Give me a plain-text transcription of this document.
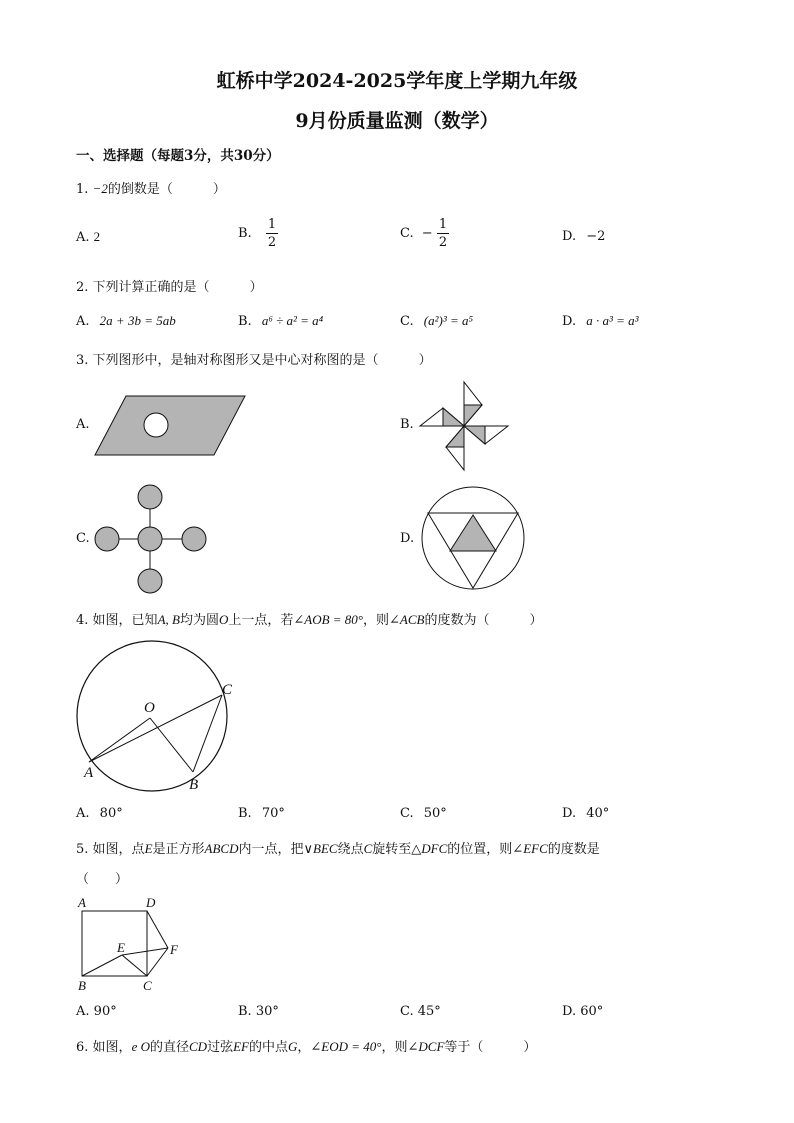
虹桥中学2024-2025学年度上学期九年级
9月份质量监测（数学）
一、选择题（每题3分，共30分）
1. −2的倒数是（	）
A. 2	B. $\frac{1}{2}$	C. − $\frac{1}{2}$	D. −2
2. 下列计算正确的是（	）
A. 2a + 3b = 5ab	B. a⁶ ÷ a² = a⁴	C. (a²)³ = a⁵	D. a · a³ = a³
3. 下列图形中，是轴对称图形又是中心对称图的是（	）
A.	B.
C.	D.
4. 如图，已知A, B均为圆O上一点，若∠AOB = 80°，则∠ACB的度数为（	）
O
A
B
C
A. 80°	B. 70°	C. 50°	D. 40°
5. 如图，点E是正方形ABCD内一点，把∨BEC绕点C旋转至△DFC的位置，则∠EFC的度数是
（　　）
A	D
E	F
B	C
A. 90°	B. 30°	C. 45°	D. 60°
6. 如图，e O的直径CD过弦EF的中点G，∠EOD = 40°，则∠DCF等于（	）
